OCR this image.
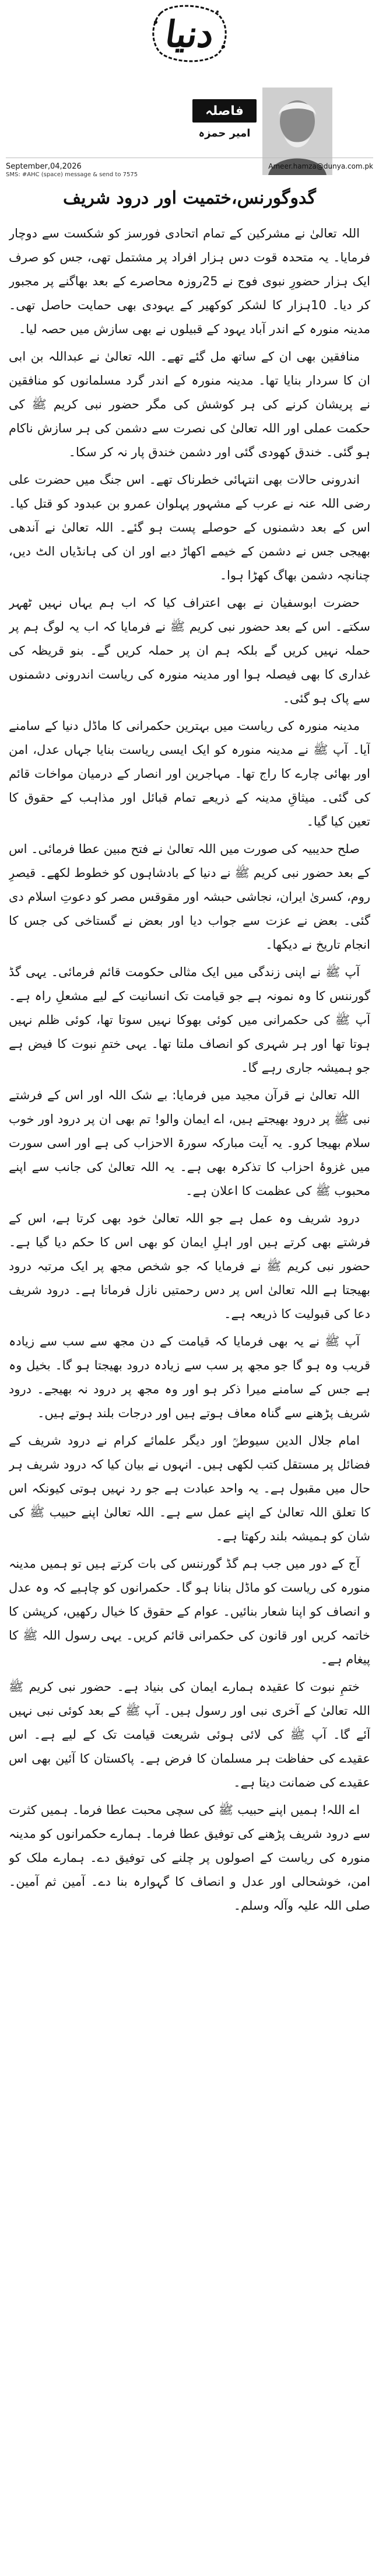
دنیا
فاصلہ
امیر حمزہ
September,04,2026	Ameer.hamza@dunya.com.pk
SMS: #AHC (space) message & send to 7575
گدوگورنس،ختمیت اور درود شریف

اللہ تعالیٰ نے مشرکین کے تمام اتحادی فورسز کو شکست سے دوچار فرمایا۔ یہ متحدہ قوت دس ہزار افراد پر مشتمل تھی، جس کو صرف ایک ہزار حضورِ نبوی فوج نے 25روزہ محاصرے کے بعد بھاگنے پر مجبور کر دیا۔ 10ہزار کا لشکر کوکھیر کے یہودی بھی حمایت حاصل تھی۔ مدینہ منورہ کے اندر آباد یہود کے قبیلوں نے بھی سازش میں حصہ لیا۔

منافقین بھی ان کے ساتھ مل گئے تھے۔ اللہ تعالیٰ نے عبداللہ بن ابی ان کا سردار بنایا تھا۔ مدینہ منورہ کے اندر گرد مسلمانوں کو منافقین نے پریشان کرنے کی ہر کوشش کی مگر حضور نبی کریم ﷺ کی حکمت عملی اور اللہ تعالیٰ کی نصرت سے دشمن کی ہر سازش ناکام ہو گئی۔ خندق کھودی گئی اور دشمن خندق پار نہ کر سکا۔

اندرونی حالات بھی انتہائی خطرناک تھے۔ اس جنگ میں حضرت علی رضی اللہ عنہ نے عرب کے مشہور پہلوان عمرو بن عبدود کو قتل کیا۔ اس کے بعد دشمنوں کے حوصلے پست ہو گئے۔ اللہ تعالیٰ نے آندھی بھیجی جس نے دشمن کے خیمے اکھاڑ دیے اور ان کی ہانڈیاں الٹ دیں، چنانچہ دشمن بھاگ کھڑا ہوا۔

حضرت ابوسفیان نے بھی اعتراف کیا کہ اب ہم یہاں نہیں ٹھہر سکتے۔ اس کے بعد حضور نبی کریم ﷺ نے فرمایا کہ اب یہ لوگ ہم پر حملہ نہیں کریں گے بلکہ ہم ان پر حملہ کریں گے۔ بنو قریظہ کی غداری کا بھی فیصلہ ہوا اور مدینہ منورہ کی ریاست اندرونی دشمنوں سے پاک ہو گئی۔

مدینہ منورہ کی ریاست میں بہترین حکمرانی کا ماڈل دنیا کے سامنے آیا۔ آپ ﷺ نے مدینہ منورہ کو ایک ایسی ریاست بنایا جہاں عدل، امن اور بھائی چارے کا راج تھا۔ مہاجرین اور انصار کے درمیان مواخات قائم کی گئی۔ میثاقِ مدینہ کے ذریعے تمام قبائل اور مذاہب کے حقوق کا تعین کیا گیا۔

صلح حدیبیہ کی صورت میں اللہ تعالیٰ نے فتح مبین عطا فرمائی۔ اس کے بعد حضور نبی کریم ﷺ نے دنیا کے بادشاہوں کو خطوط لکھے۔ قیصرِ روم، کسریٰ ایران، نجاشی حبشہ اور مقوقس مصر کو دعوتِ اسلام دی گئی۔ بعض نے عزت سے جواب دیا اور بعض نے گستاخی کی جس کا انجام تاریخ نے دیکھا۔

آپ ﷺ نے اپنی زندگی میں ایک مثالی حکومت قائم فرمائی۔ یہی گڈ گورننس کا وہ نمونہ ہے جو قیامت تک انسانیت کے لیے مشعلِ راہ ہے۔ آپ ﷺ کی حکمرانی میں کوئی بھوکا نہیں سوتا تھا، کوئی ظلم نہیں ہوتا تھا اور ہر شہری کو انصاف ملتا تھا۔ یہی ختمِ نبوت کا فیض ہے جو ہمیشہ جاری رہے گا۔

اللہ تعالیٰ نے قرآن مجید میں فرمایا: بے شک اللہ اور اس کے فرشتے نبی ﷺ پر درود بھیجتے ہیں، اے ایمان والو! تم بھی ان پر درود اور خوب سلام بھیجا کرو۔ یہ آیت مبارکہ سورۃ الاحزاب کی ہے اور اسی سورت میں غزوۂ احزاب کا تذکرہ بھی ہے۔ یہ اللہ تعالیٰ کی جانب سے اپنے محبوب ﷺ کی عظمت کا اعلان ہے۔

درود شریف وہ عمل ہے جو اللہ تعالیٰ خود بھی کرتا ہے، اس کے فرشتے بھی کرتے ہیں اور اہلِ ایمان کو بھی اس کا حکم دیا گیا ہے۔ حضور نبی کریم ﷺ نے فرمایا کہ جو شخص مجھ پر ایک مرتبہ درود بھیجتا ہے اللہ تعالیٰ اس پر دس رحمتیں نازل فرماتا ہے۔ درود شریف دعا کی قبولیت کا ذریعہ ہے۔

آپ ﷺ نے یہ بھی فرمایا کہ قیامت کے دن مجھ سے سب سے زیادہ قریب وہ ہو گا جو مجھ پر سب سے زیادہ درود بھیجتا ہو گا۔ بخیل وہ ہے جس کے سامنے میرا ذکر ہو اور وہ مجھ پر درود نہ بھیجے۔ درود شریف پڑھنے سے گناہ معاف ہوتے ہیں اور درجات بلند ہوتے ہیں۔

امام جلال الدین سیوطیؒ اور دیگر علمائے کرام نے درود شریف کے فضائل پر مستقل کتب لکھی ہیں۔ انہوں نے بیان کیا کہ درود شریف ہر حال میں مقبول ہے۔ یہ واحد عبادت ہے جو رد نہیں ہوتی کیونکہ اس کا تعلق اللہ تعالیٰ کے اپنے عمل سے ہے۔ اللہ تعالیٰ اپنے حبیب ﷺ کی شان کو ہمیشہ بلند رکھتا ہے۔

آج کے دور میں جب ہم گڈ گورننس کی بات کرتے ہیں تو ہمیں مدینہ منورہ کی ریاست کو ماڈل بنانا ہو گا۔ حکمرانوں کو چاہیے کہ وہ عدل و انصاف کو اپنا شعار بنائیں۔ عوام کے حقوق کا خیال رکھیں، کرپشن کا خاتمہ کریں اور قانون کی حکمرانی قائم کریں۔ یہی رسول اللہ ﷺ کا پیغام ہے۔

ختمِ نبوت کا عقیدہ ہمارے ایمان کی بنیاد ہے۔ حضور نبی کریم ﷺ اللہ تعالیٰ کے آخری نبی اور رسول ہیں۔ آپ ﷺ کے بعد کوئی نبی نہیں آئے گا۔ آپ ﷺ کی لائی ہوئی شریعت قیامت تک کے لیے ہے۔ اس عقیدے کی حفاظت ہر مسلمان کا فرض ہے۔ پاکستان کا آئین بھی اس عقیدے کی ضمانت دیتا ہے۔

اے اللہ! ہمیں اپنے حبیب ﷺ کی سچی محبت عطا فرما۔ ہمیں کثرت سے درود شریف پڑھنے کی توفیق عطا فرما۔ ہمارے حکمرانوں کو مدینہ منورہ کی ریاست کے اصولوں پر چلنے کی توفیق دے۔ ہمارے ملک کو امن، خوشحالی اور عدل و انصاف کا گہوارہ بنا دے۔ آمین ثم آمین۔ صلی اللہ علیہ وآلہ وسلم۔
